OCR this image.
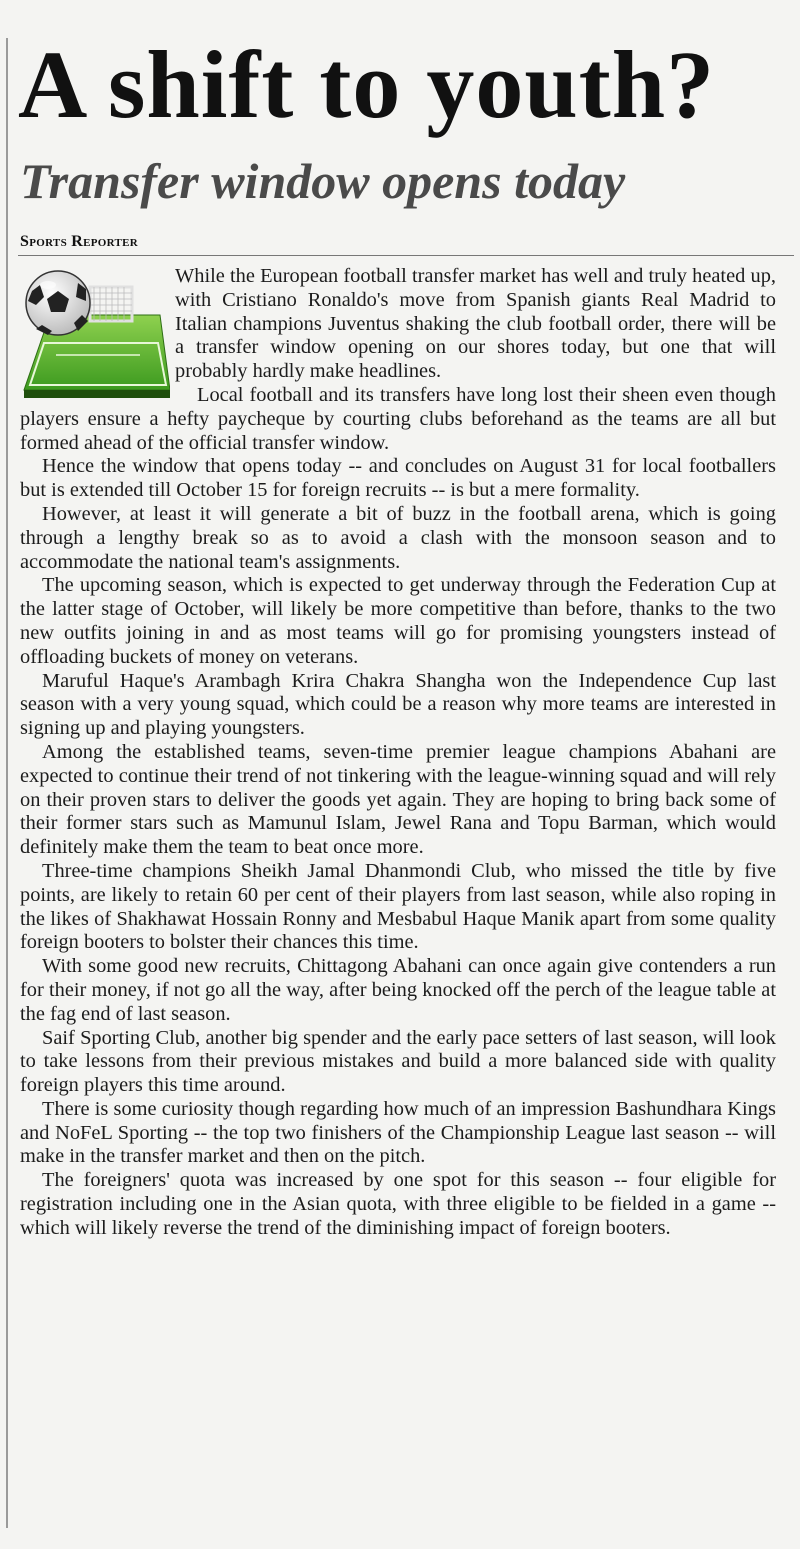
A shift to youth?
Transfer window opens today
Sports Reporter

While the European football transfer market has well and truly heated up, with Cristiano Ronaldo's move from Spanish giants Real Madrid to Italian champions Juventus shaking the club football order, there will be a transfer window opening on our shores today, but one that will probably hardly make headlines.

Local football and its transfers have long lost their sheen even though players ensure a hefty paycheque by courting clubs beforehand as the teams are all but formed ahead of the official transfer window.

Hence the window that opens today -- and concludes on August 31 for local footballers but is extended till October 15 for foreign recruits -- is but a mere formality.

However, at least it will generate a bit of buzz in the football arena, which is going through a lengthy break so as to avoid a clash with the monsoon season and to accommodate the national team's assignments.

The upcoming season, which is expected to get underway through the Federation Cup at the latter stage of October, will likely be more competitive than before, thanks to the two new outfits joining in and as most teams will go for promising youngsters instead of offloading buckets of money on veterans.

Maruful Haque's Arambagh Krira Chakra Shangha won the Independence Cup last season with a very young squad, which could be a reason why more teams are interested in signing up and playing youngsters.

Among the established teams, seven-time premier league champions Abahani are expected to continue their trend of not tinkering with the league-winning squad and will rely on their proven stars to deliver the goods yet again. They are hoping to bring back some of their former stars such as Mamunul Islam, Jewel Rana and Topu Barman, which would definitely make them the team to beat once more.

Three-time champions Sheikh Jamal Dhanmondi Club, who missed the title by five points, are likely to retain 60 per cent of their players from last season, while also roping in the likes of Shakhawat Hossain Ronny and Mesbabul Haque Manik apart from some quality foreign booters to bolster their chances this time.

With some good new recruits, Chittagong Abahani can once again give contenders a run for their money, if not go all the way, after being knocked off the perch of the league table at the fag end of last season.

Saif Sporting Club, another big spender and the early pace setters of last season, will look to take lessons from their previous mistakes and build a more balanced side with quality foreign players this time around.

There is some curiosity though regarding how much of an impression Bashundhara Kings and NoFeL Sporting -- the top two finishers of the Championship League last season -- will make in the transfer market and then on the pitch.

The foreigners' quota was increased by one spot for this season -- four eligible for registration including one in the Asian quota, with three eligible to be fielded in a game -- which will likely reverse the trend of the diminishing impact of foreign booters.
